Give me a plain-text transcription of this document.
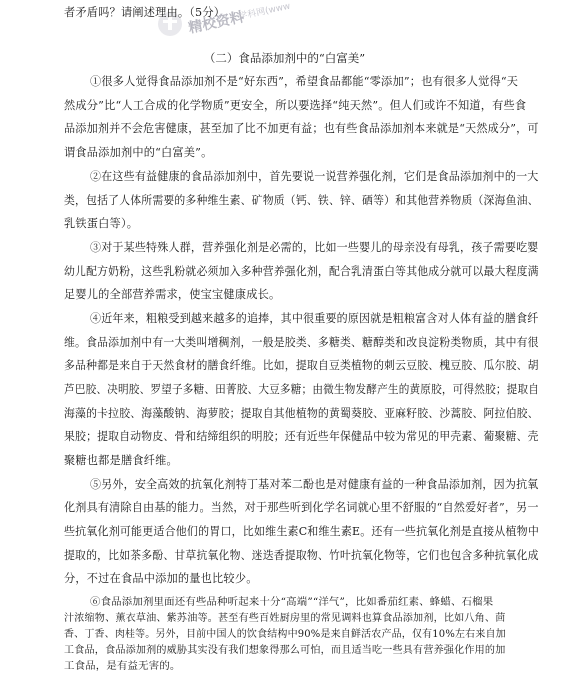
精校资料
学科网(www
者矛盾吗？请阐述理由。（5分）
（二）食品添加剂中的“白富美”
①很多人觉得食品添加剂不是“好东西”，希望食品都能“零添加”；也有很多人觉得“天
然成分”比“人工合成的化学物质”更安全，所以要选择“纯天然”。但人们或许不知道，有些食
品添加剂并不会危害健康，甚至加了比不加更有益；也有些食品添加剂本来就是“天然成分”，可
谓食品添加剂中的“白富美”。
②在这些有益健康的食品添加剂中，首先要说一说营养强化剂，它们是食品添加剂中的一大
类，包括了人体所需要的多种维生素、矿物质（钙、铁、锌、硒等）和其他营养物质（深海鱼油、
乳铁蛋白等）。
③对于某些特殊人群，营养强化剂是必需的，比如一些婴儿的母亲没有母乳，孩子需要吃婴
幼儿配方奶粉，这些乳粉就必须加入多种营养强化剂，配合乳清蛋白等其他成分就可以最大程度满
足婴儿的全部营养需求，使宝宝健康成长。
④近年来，粗粮受到越来越多的追捧，其中很重要的原因就是粗粮富含对人体有益的膳食纤
维。食品添加剂中有一大类叫增稠剂，一般是胶类、多糖类、糖醇类和改良淀粉类物质，其中有很
多品种都是来自于天然食材的膳食纤维。比如，提取自豆类植物的刺云豆胶、槐豆胶、瓜尔胶、胡
芦巴胶、决明胶、罗望子多糖、田菁胶、大豆多糖；由微生物发酵产生的黄原胶，可得然胶；提取自
海藻的卡拉胶、海藻酸钠、海萝胶；提取自其他植物的黄蜀葵胶、亚麻籽胶、沙蒿胶、阿拉伯胶、
果胶；提取自动物皮、骨和结缔组织的明胶；还有近些年保健品中较为常见的甲壳素、葡聚糖、壳
聚糖也都是膳食纤维。
⑤另外，安全高效的抗氧化剂特丁基对苯二酚也是对健康有益的一种食品添加剂，因为抗氧
化剂具有清除自由基的能力。当然，对于那些听到化学名词就心里不舒服的“自然爱好者”，另一
些抗氧化剂可能更适合他们的胃口，比如维生素C和维生素E。还有一些抗氧化剂是直接从植物中
提取的，比如茶多酚、甘草抗氧化物、迷迭香提取物、竹叶抗氧化物等，它们也包含多种抗氧化成
分，不过在食品中添加的量也比较少。
⑥食品添加剂里面还有些品种听起来十分“高端”“洋气”，比如番茄红素、蜂蜡、石榴果
汁浓缩物、薰衣草油、紫苏油等。甚至有些百姓厨房里的常见调料也算食品添加剂，比如八角、茴
香、丁香、肉桂等。另外，目前中国人的饮食结构中90%是来自鲜活农产品，仅有10%左右来自加
工食品，食品添加剂的威胁其实没有我们想象得那么可怕，而且适当吃一些具有营养强化作用的加
工食品，是有益无害的。
